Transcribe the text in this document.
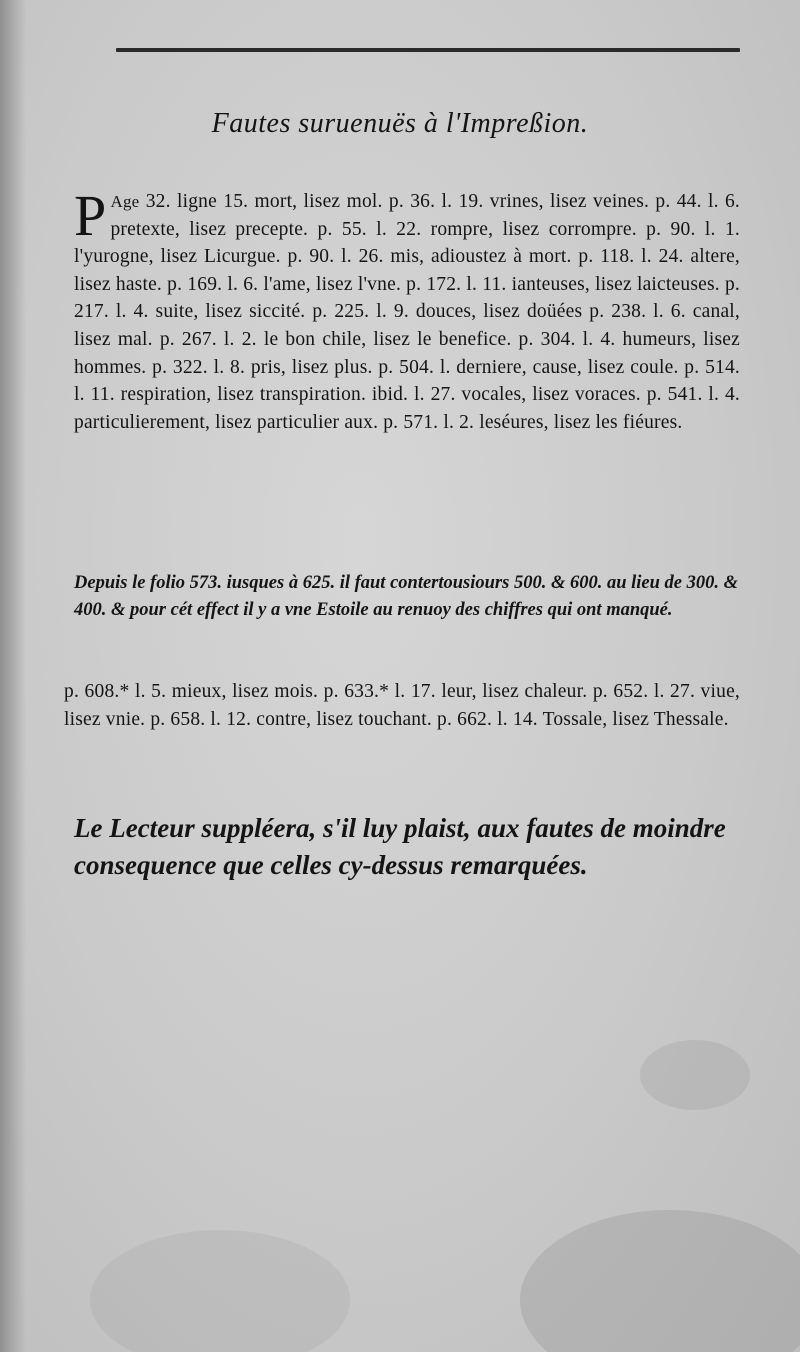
Fautes suruenuës à l'Impreßion.
P Age 32. ligne 15. mort, lisez mol. p. 36. l. 19. vrines, lisez veines. p. 44. l. 6. pretexte, lisez precepte. p. 55. l. 22. rompre, lisez corrompre. p. 90. l. 1. l'yurogne, lisez Licurgue. p. 90. l. 26. mis, adioustez à mort. p. 118. l. 24. altere, lisez haste. p. 169. l. 6. l'ame, lisez l'vne. p. 172. l. 11. ianteuses, lisez laicteuses. p. 217. l. 4. suite, lisez siccité. p. 225. l. 9. douces, lisez doüées p. 238. l. 6. canal, lisez mal. p. 267. l. 2. le bon chile, lisez le benefice. p. 304. l. 4. humeurs, lisez hommes. p. 322. l. 8. pris, lisez plus. p. 504. l. derniere, cause, lisez coule. p. 514. l. 11. respiration, lisez transpiration. ibid. l. 27. vocales, lisez voraces. p. 541. l. 4. particulierement, lisez particulier aux. p. 571. l. 2. leséures, lisez les fiéures.
Depuis le folio 573. iusques à 625. il faut contertousiours 500. & 600. au lieu de 300. & 400. & pour cét effect il y a vne Estoile au renuoy des chiffres qui ont manqué.
p. 608.* l. 5. mieux, lisez mois. p. 633.* l. 17. leur, lisez chaleur. p. 652. l. 27. viue, lisez vnie. p. 658. l. 12. contre, lisez touchant. p. 662. l. 14. Tossale, lisez Thessale.
Le Lecteur suppléera, s'il luy plaist, aux fautes de moindre consequence que celles cy-dessus remarquées.
